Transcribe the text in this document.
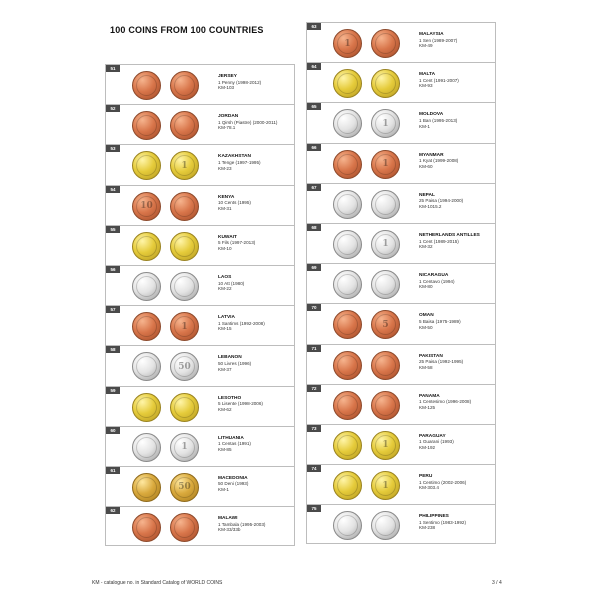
100 COINS FROM 100 COUNTRIES
51
JERSEY
1 Penny (1998-2012)
KM-103
52
JORDAN
1 Qirsh (Piastre) (2000-2011)
KM-78.1
53
1
KAZAKHSTAN
1 Tenge (1997-1995)
KM-23
54
10
KENYA
10 Cents (1995)
KM-31
55
KUWAIT
5 Fils (1997-2013)
KM-10
56
LAOS
10 Att (1980)
KM-22
57
1
LATVIA
1 Santims (1992-2008)
KM-15
58
50
LEBANON
50 Livres (1996)
KM-37
59
LESOTHO
5 Lisente (1998-2006)
KM-62
60
1
LITHUANIA
1 Centas (1991)
KM-85
61
50
MACEDONIA
50 Deni (1993)
KM-1
62
MALAWI
1 Tambala (1995-2003)
KM-33/33b
63
1
MALAYSIA
1 Sen (1989-2007)
KM-49
64
MALTA
1 Cent (1991-2007)
KM-93
65
1
MOLDOVA
1 Ban (1995-2013)
KM-1
66
1
MYANMAR
1 Kyat (1999-2008)
KM-60
67
NEPAL
25 Paisa (1994-2000)
KM-1015.2
68
1
NETHERLANDS ANTILLES
1 Cent (1989-2015)
KM-32
69
NICARAGUA
1 Centavo (1994)
KM-80
70
5
OMAN
5 Baisa (1975-1989)
KM-50
71
PAKISTAN
25 Paisa (1992-1995)
KM-58
72
PANAMA
1 Centesimo (1996-2008)
KM-125
73
1
PARAGUAY
1 Guarani (1993)
KM-192
74
1
PERU
1 Centimo (2002-2006)
KM-303.4
75
PHILIPPINES
1 Sentimo (1983-1992)
KM-238
KM - catalogue no. in Standard Catalog of WORLD COINS	3 / 4
